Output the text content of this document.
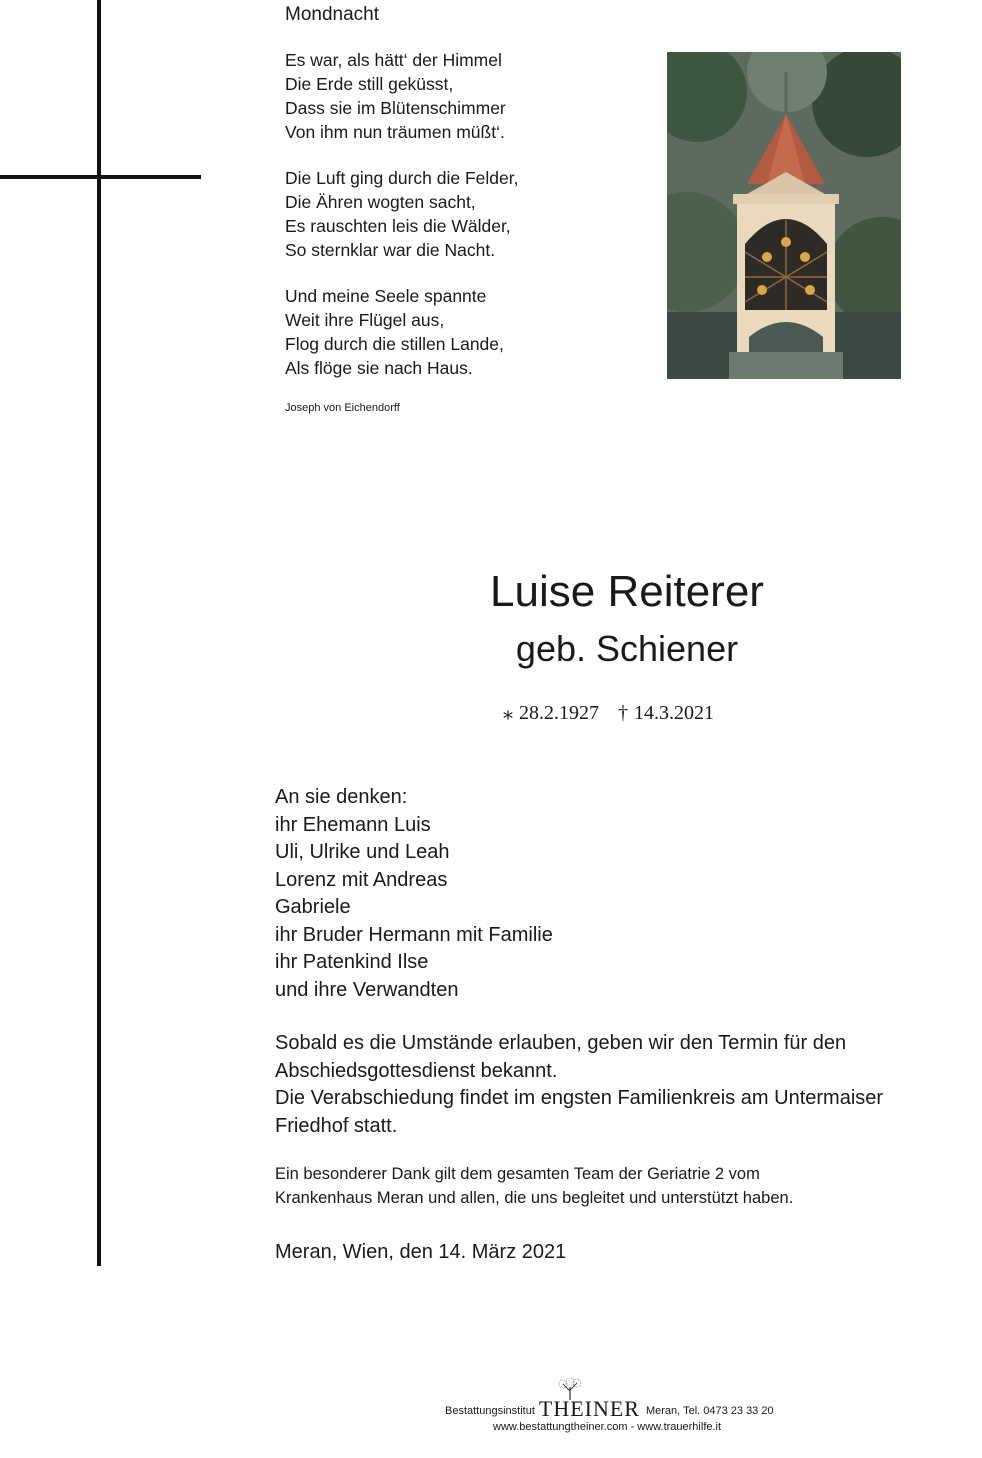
Mondnacht
Es war, als hätt‘ der Himmel
Die Erde still geküsst,
Dass sie im Blütenschimmer
Von ihm nun träumen müßt‘.
Die Luft ging durch die Felder,
Die Ähren wogten sacht,
Es rauschten leis die Wälder,
So sternklar war die Nacht.
Und meine Seele spannte
Weit ihre Flügel aus,
Flog durch die stillen Lande,
Als flöge sie nach Haus.
Joseph von Eichendorff
Luise Reiterer
geb. Schiener
⁎ 28.2.1927 † 14.3.2021
An sie denken:
ihr Ehemann Luis
Uli, Ulrike und Leah
Lorenz mit Andreas
Gabriele
ihr Bruder Hermann mit Familie
ihr Patenkind Ilse
und ihre Verwandten
Sobald es die Umstände erlauben, geben wir den Termin für den
Abschiedsgottesdienst bekannt.
Die Verabschiedung findet im engsten Familienkreis am Untermaiser
Friedhof statt.
Ein besonderer Dank gilt dem gesamten Team der Geriatrie 2 vom
Krankenhaus Meran und allen, die uns begleitet und unterstützt haben.
Meran, Wien, den 14. März 2021
Bestattungsinstitut THEINER Meran, Tel. 0473 23 33 20
www.bestattungtheiner.com - www.trauerhilfe.it
